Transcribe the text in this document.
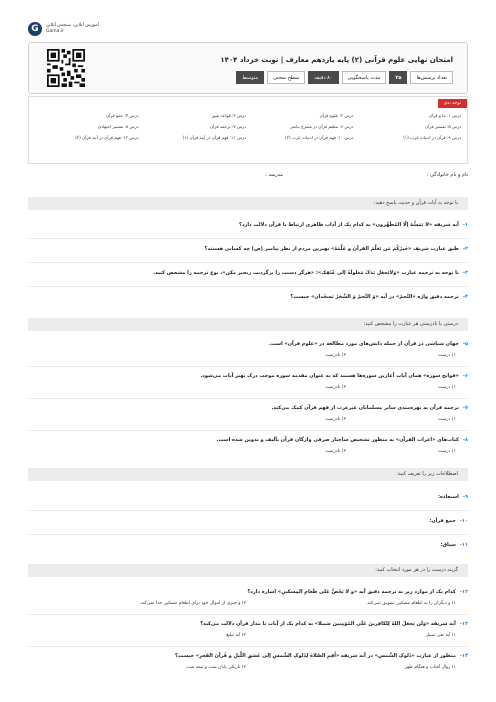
G	آموزش آنلاین، سنجش آنلاین
Gama.ir
امتحان نهایی علوم قرآنی (۲) پایه یازدهم معارف | نوبت خرداد ۱۴۰۴
تعداد پرسش‌ها
۲۵
مدت پاسخگویی
۸۰ دقیقه
سطح سختی
متوسط
توجه ندی
درس ۱: ما و قرآن
درس ۲: علوم قرآن
درس ۳: قواعد شور
درس ۴: جمع قرآن
درس ۵: تفسیر قرآن
درس ۶: تنظیم قرآن در مصرع بیامبر
درس ۷: ترجمه قرآن
درس ۸: تفسیر اجتهادی
درس ۹: قرآن در ادبیات غرب (۱)
درس ۱۰: فهم قرآن در ادبیات عرب (۲)
درس ۱۱: فهم قرآن در آینه قرآن (۱)
درس ۱۲: فهم قرآن در آینه قرآن (۲)
نام و نام خانوادگی :
مدرسه :
با توجه به آیات قرآن و حدیث پاسخ دهید:
۱-آیه شریفه «لا یَمَسُّهُ إلّا المُطَهَّرون» به کدام یک از آداب ظاهری ارتباط با قرآن دلالت دارد؟
۲-طبق عبارت شریف «خَیرُکُم مَن تَعَلَّمَ القرآنَ و عَلَّمَهُ» بهترین مردم از نظر پیامبر (ص) چه کسانی هستند؟
۳-با توجه به ترجمه عبارت «وَلاتَجعَل یَدَکَ مَغلولَةً إلی عُنُقِک»: «هرگز دستت را برگردنت زنجیر مکن»، نوع ترجمه را مشخص کنید.
۴-ترجمه دقیق واژه «النَّجمُ» در آیه «وَ النَّجمُ وَ الشَّجَرُ یَسجُدان» چیست؟
درستی یا نادرستی هر عبارت را مشخص کنید:
۵-جهان شناسی در قرآن از جمله دانش‌های مورد مطالعه در «علوم قرآن» است.
۱) درست
۲) نادرست
۶-«فواتح سوره» همان آیات آغازین سوره‌ها هستند که به عنوان مقدمه سوره موجب درک بهتر آیات می‌شود.
۱) درست
۲) نادرست
۷-ترجمه قرآن به بهره‌مندی سایر مسلمانان غیرعرب از فهم قرآن کمک می‌کند.
۱) درست
۲) نادرست
۸-کتاب‌های «اعراب القرآن» به منظور تشخیص ساختار صرفی واژگان قرآن تألیف و تدوین شده است.
۱) درست
۲) نادرست
اصطلاحات زیر را تعریف کنید:
۹-استعاذه:
۱۰-جمع قرآن:
۱۱-سیاق:
گزینه درست را در هر مورد انتخاب کنید:
۱۲-کدام یک از موارد زیر به ترجمه دقیق آیه «و لا یَحُضُّ عَلی طَعامِ المِسکینِ» اشاره دارد؟
۱) و دیگران را به اطعام مسکین تشویق نمی‌کند.
۲) و چیزی از اموال خود برای اطعام مسکین جدا نمی‌کند.
۱۳-آیه شریفه «وَلَن یَجعَلَ اللهُ لِلکافِرینَ عَلَی المُؤمِنینَ سَبیلا» به کدام یک از آیات تا مدار قرآن دلالت می‌کند؟
۱) آیه نفی سبیل
۲) آیه تبلیغ
۱۴-منظور از عبارت «دُلوکِ الشَّمس» در آیه شریفه «أَقِمِ الصَّلاةَ لِدُلوکِ الشَّمسِ إلی غَسَقِ اللَّیلِ و قُرآنَ الفَجرِ» چیست؟
۱) زوال آفتاب و هنگام ظهر
۲) تاریکی پایان شب و نیمه شب
